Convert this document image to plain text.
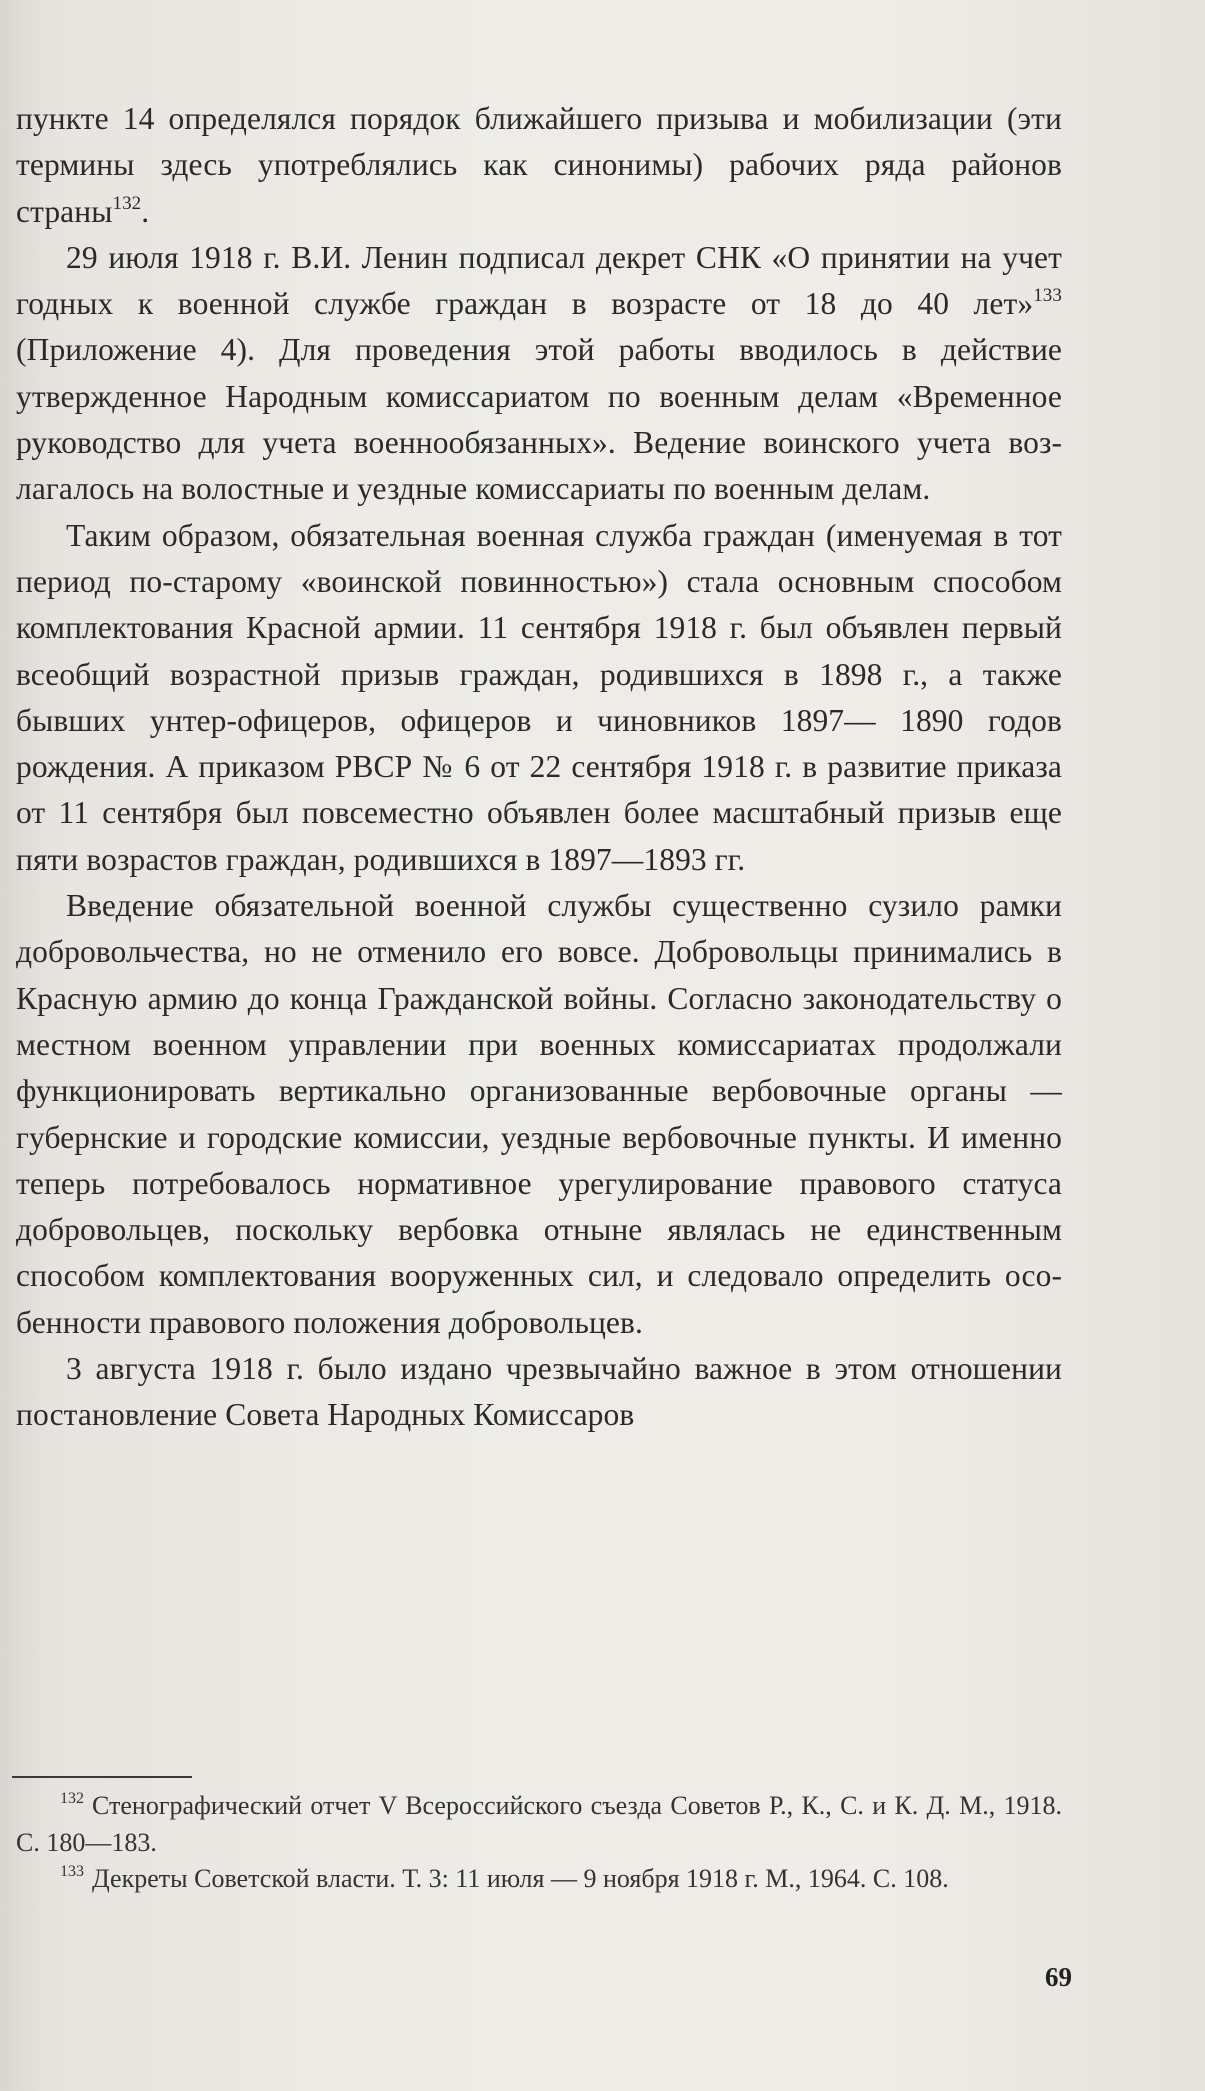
пункте 14 определялся порядок ближайшего призыва и мобилизации (эти термины здесь употреблялись как синонимы) рабочих ряда районов страны$^{132}$.

29 июля 1918 г. В.И. Ленин подписал декрет СНК «О принятии на учет годных к военной службе граждан в возрасте от 18 до 40 лет»$^{133}$ (Приложение 4). Для проведения этой работы вводилось в действие утвержденное Народным комиссариатом по военным делам «Временное руководство для учета военнообязанных». Ведение воинского учета возлагалось на волостные и уездные комиссариаты по военным делам.

Таким образом, обязательная военная служба граждан (именуемая в тот период по-старому «воинской повинностью») стала основным способом комплектования Красной армии. 11 сентября 1918 г. был объявлен первый всеобщий возрастной призыв граждан, родившихся в 1898 г., а также бывших унтер-офицеров, офицеров и чиновников 1897— 1890 годов рождения. А приказом РВСР № 6 от 22 сентября 1918 г. в развитие приказа от 11 сентября был повсеместно объявлен более масштабный призыв еще пяти возрастов граждан, родившихся в 1897—1893 гг.

Введение обязательной военной службы существенно сузило рамки добровольчества, но не отменило его вовсе. Добровольцы принимались в Красную армию до конца Гражданской войны. Согласно законодательству о местном военном управлении при военных комиссариатах продолжали функционировать вертикально организованные вербовочные органы — губернские и городские комиссии, уездные вербовочные пункты. И именно теперь потребовалось нормативное урегулирование правового статуса добровольцев, поскольку вербовка отныне являлась не единственным способом комплектования вооруженных сил, и следовало определить особенности правового положения добровольцев.

3 августа 1918 г. было издано чрезвычайно важное в этом отношении постановление Совета Народных Комиссаров

$^{132}$ Стенографический отчет V Всероссийского съезда Советов Р., К., С. и К. Д. М., 1918. С. 180—183.

$^{133}$ Декреты Советской власти. Т. 3: 11 июля — 9 ноября 1918 г. М., 1964. С. 108.

69
